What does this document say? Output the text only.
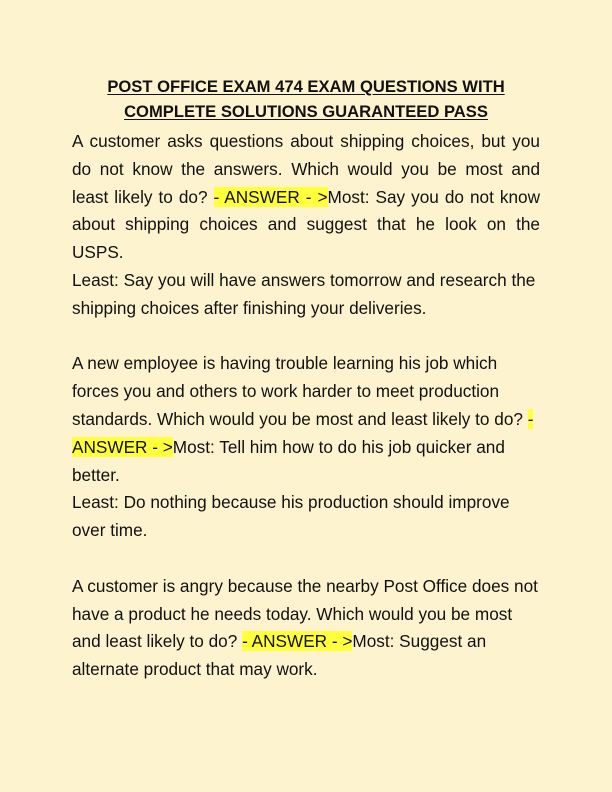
POST OFFICE EXAM 474 EXAM QUESTIONS WITH
COMPLETE SOLUTIONS GUARANTEED PASS

A customer asks questions about shipping choices, but you do not know the answers. Which would you be most and least likely to do? - ANSWER - >Most: Say you do not know about shipping choices and suggest that he look on the USPS.

Least: Say you will have answers tomorrow and research the shipping choices after finishing your deliveries.

A new employee is having trouble learning his job which forces you and others to work harder to meet production standards. Which would you be most and least likely to do? - ANSWER - >Most: Tell him how to do his job quicker and better.

Least: Do nothing because his production should improve over time.

A customer is angry because the nearby Post Office does not have a product he needs today. Which would you be most and least likely to do? - ANSWER - >Most: Suggest an alternate product that may work.
